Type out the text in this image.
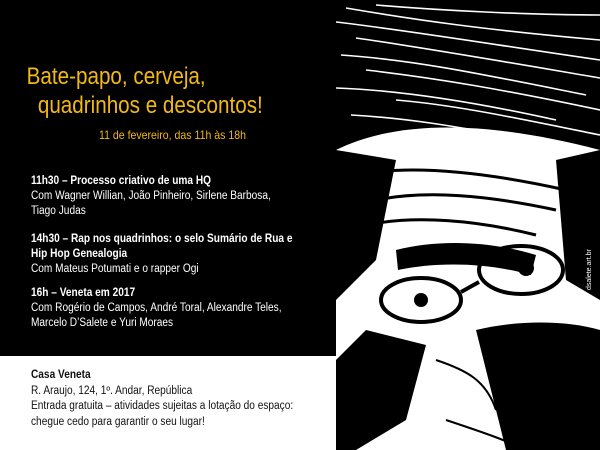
Bate-papo, cerveja,
quadrinhos e descontos!
11 de fevereiro, das 11h às 18h
11h30 – Processo criativo de uma HQ
Com Wagner Willian, João Pinheiro, Sirlene Barbosa, Tiago Judas
14h30 – Rap nos quadrinhos: o selo Sumário de Rua e Hip Hop Genealogia
Com Mateus Potumati e o rapper Ogi
16h – Veneta em 2017
Com Rogério de Campos, André Toral, Alexandre Teles, Marcelo D’Salete e Yuri Moraes
Casa Veneta
R. Araujo, 124, 1º. Andar, República
Entrada gratuita – atividades sujeitas a lotação do espaço: chegue cedo para garantir o seu lugar!
dsalete.art.br
